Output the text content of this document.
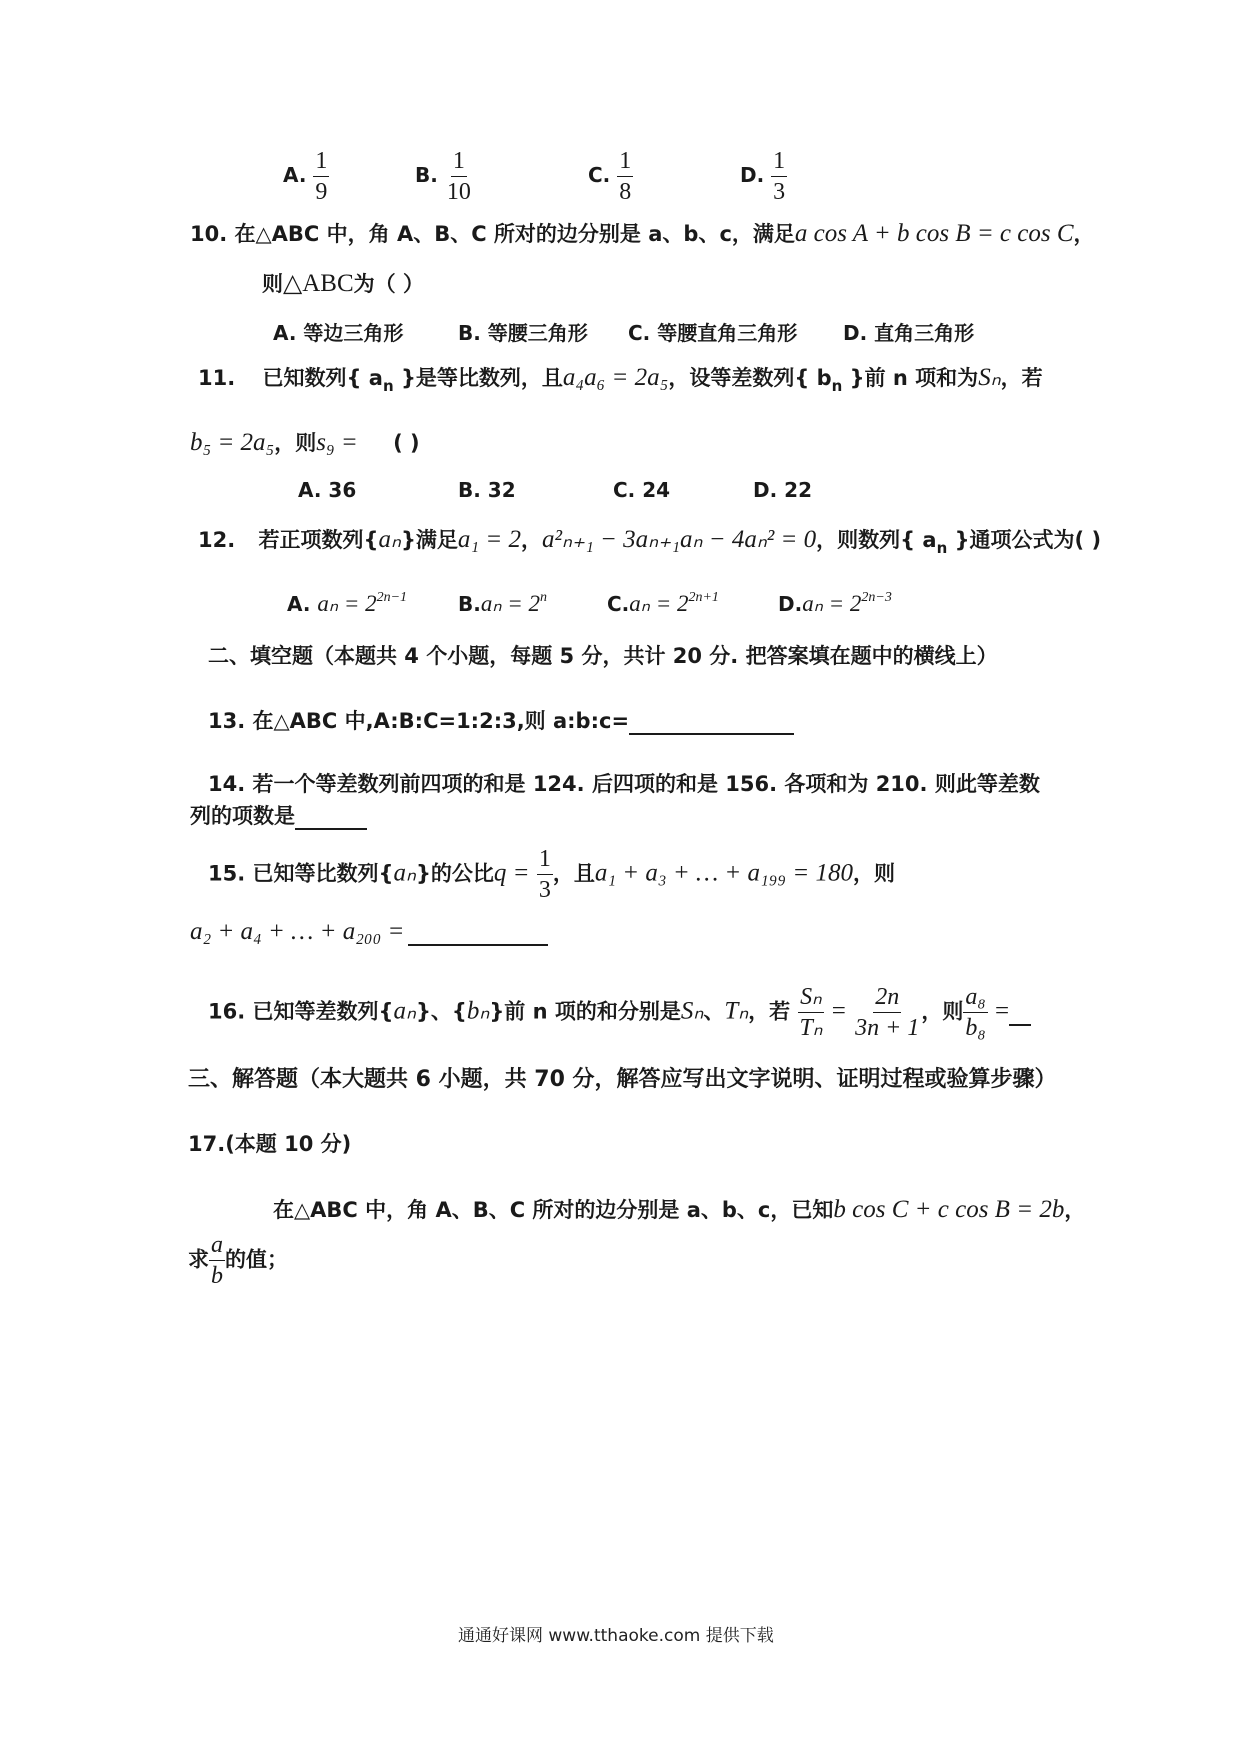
A. $\frac{1}{9}$	B. $\frac{1}{10}$	C. $\frac{1}{8}$	D. $\frac{1}{3}$
10. 在△ABC 中，角 A、B、C 所对的边分别是 a、b、c，满足a cos A + b cos B = c cos C，
则△ABC为（ ）
A. 等边三角形	B. 等腰三角形 C. 等腰直角三角形 D. 直角三角形
11. 已知数列{ $a_n$ }是等比数列，且a₄a₆ = 2a₅，设等差数列{ $b_n$ }前 n 项和为Sₙ，若
b₅ = 2a₅，则s₉ = ( )
A. 36	B. 32	C. 24	D. 22
12. 若正项数列{aₙ}满足a₁ = 2，a²ₙ₊₁ − 3aₙ₊₁aₙ − 4aₙ² = 0，则数列{ $a_n$ }通项公式为( )
A. $a_n = 2^{2n-1}$	$B.a_n = 2^n$	$C.a_n = 2^{2n+1}$	$D.a_n = 2^{2n-3}$
二、填空题（本题共 4 个小题，每题 5 分，共计 20 分. 把答案填在题中的横线上）
13. 在△ABC 中,A:B:C=1:2:3,则 a:b:c=
14. 若一个等差数列前四项的和是 124. 后四项的和是 156. 各项和为 210. 则此等差数
列的项数是
15. 已知等比数列{aₙ}的公比$q = \frac{1}{3}$ ，且a₁ + a₃ + … + a₁₉₉ = 180，则
a₂ + a₄ + … + a₂₀₀ =
16. 已知等差数列{aₙ}、{bₙ}前 n 项的和分别是Sₙ、Tₙ，若 $\frac{\text{Sₙ}}{\text{Tₙ}} = \frac{2n}{3n + 1}$ ，则 $\frac{\text{a₈}}{\text{b₈}}$ =
三、解答题（本大题共 6 小题，共 70 分，解答应写出文字说明、证明过程或验算步骤）
17.(本题 10 分)
在△ABC 中，角 A、B、C 所对的边分别是 a、b、c，已知b cos C + c cos B = 2b，
求 $\frac{a}{b}$ 的值；
通通好课网 www.tthaoke.com 提供下载
